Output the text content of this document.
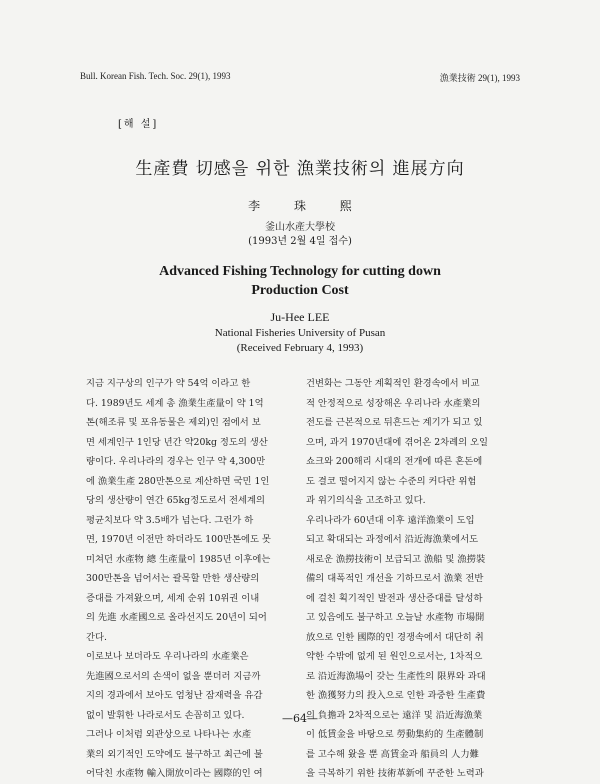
Bull. Korean Fish. Tech. Soc. 29(1), 1993	漁業技術 29(1), 1993
[해 설]
生產費 切感을 위한 漁業技術의 進展方向
李 珠 熙
釜山水產大學校
(1993년 2월 4일 접수)
Advanced Fishing Technology for cutting down
Production Cost
Ju-Hee LEE
National Fisheries University of Pusan
(Received February 4, 1993)
지금 지구상의 인구가 약 54억 이라고 한
다. 1989년도 세계 총 漁業生產量이 약 1억
톤(해조류 및 포유동물은 제외)인 점에서 보
면 세계인구 1인당 년간 약20kg 정도의 생산
량이다. 우리나라의 경우는 인구 약 4,300만
에 漁業生產 280만톤으로 계산하면 국민 1인
당의 생산량이 연간 65kg정도로서 전세계의
평균치보다 약 3.5배가 넘는다. 그런가 하
면, 1970년 이전만 하더라도 100만톤에도 못
미쳐던 水產物 總 生產量이 1985년 이후에는
300만톤을 넘어서는 괄목할 만한 생산량의
증대를 가져왔으며, 세계 순위 10위권 이내
의 先進 水產國으로 올라선지도 20년이 되어
간다.
이로보나 보더라도 우리나라의 水產業은
先進國으로서의 손색이 없을 뿐더러 지금까
지의 경과에서 보아도 엄청난 잠재력을 유감
없이 발휘한 나라로서도 손꼽히고 있다.
그러나 이처럼 외관상으로 나타나는 水產
業의 외기적인 도약에도 불구하고 최근에 불
어닥친 水產物 輸入開放이라는 國際的인 여
건변화는 그동안 계획적인 환경속에서 비교
적 안정적으로 성장해온 우리나라 水產業의
전도를 근본적으로 뒤흔드는 계기가 되고 있
으며, 과거 1970년대에 겪어온 2차례의 오일
쇼크와 200해리 시대의 전개에 따른 혼돈에
도 결코 떨어지지 않는 수준의 커다란 위험
과 위기의식을 고조하고 있다.
우리나라가 60년대 이후 遠洋漁業이 도입
되고 확대되는 과정에서 沿近海漁業에서도
새로운 漁撈技術이 보급되고 漁船 및 漁撈裝
備의 대폭적인 개선을 기하므로서 漁業 전반
에 걸친 획기적인 발전과 생산증대를 달성하
고 있음에도 불구하고 오늘날 水產物 市場開
放으로 인한 國際的인 경쟁속에서 대단히 취
약한 수밖에 없게 된 원인으로서는, 1차적으
로 沿近海漁場이 갖는 生產性의 限界와 과대
한 漁獲努力의 投入으로 인한 과중한 生產費
의 負擔과 2차적으로는 遠洋 및 沿近海漁業
이 低賃金을 바탕으로 勞動集約的 生產體制
를 고수해 왔을 뿐 高賃金과 船員의 人力難
을 극복하기 위한 技術革新에 꾸준한 노력과
—64—
